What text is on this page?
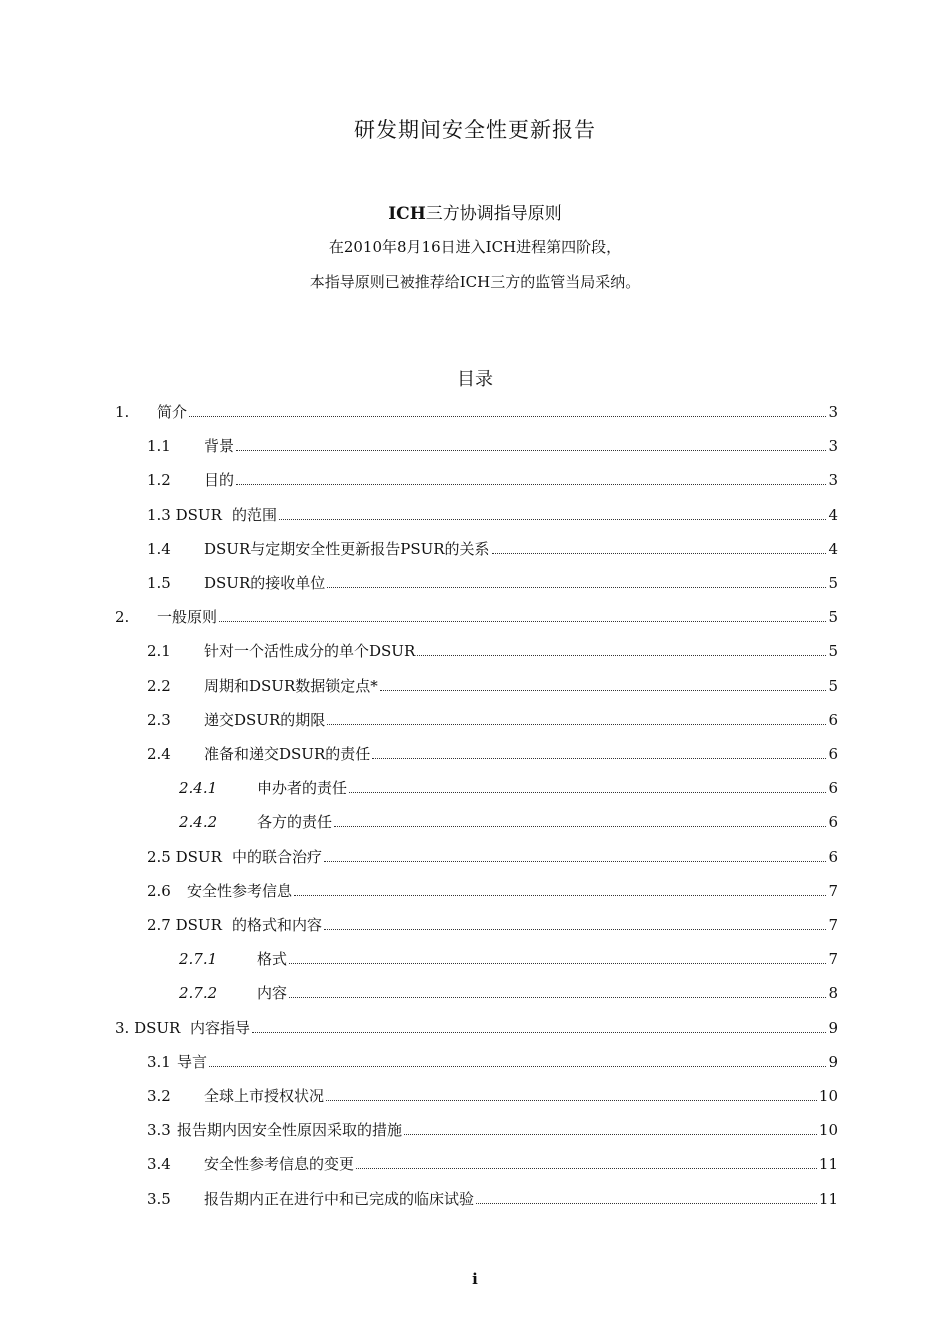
研发期间安全性更新报告
ICH三方协调指导原则
在2010年8月16日进入ICH进程第四阶段，
本指导原则已被推荐给ICH三方的监管当局采纳。
目录
1.	简介	3
1.1	背景	3
1.2	目的	3
1.3 DSUR 的范围	4
1.4	DSUR与定期安全性更新报告PSUR的关系	4
1.5	DSUR的接收单位	5
2.	一般原则	5
2.1	针对一个活性成分的单个DSUR	5
2.2	周期和DSUR数据锁定点*	5
2.3	递交DSUR的期限	6
2.4	准备和递交DSUR的责任	6
2.4.1	申办者的责任	6
2.4.2	各方的责任	6
2.5 DSUR 中的联合治疗	6
2.6	安全性参考信息	7
2.7 DSUR 的格式和内容	7
2.7.1	格式	7
2.7.2	内容	8
3. DSUR 内容指导	9
3.1 导言	9
3.2	全球上市授权状况	10
3.3 报告期内因安全性原因采取的措施	10
3.4	安全性参考信息的变更	11
3.5	报告期内正在进行中和已完成的临床试验	11
i
